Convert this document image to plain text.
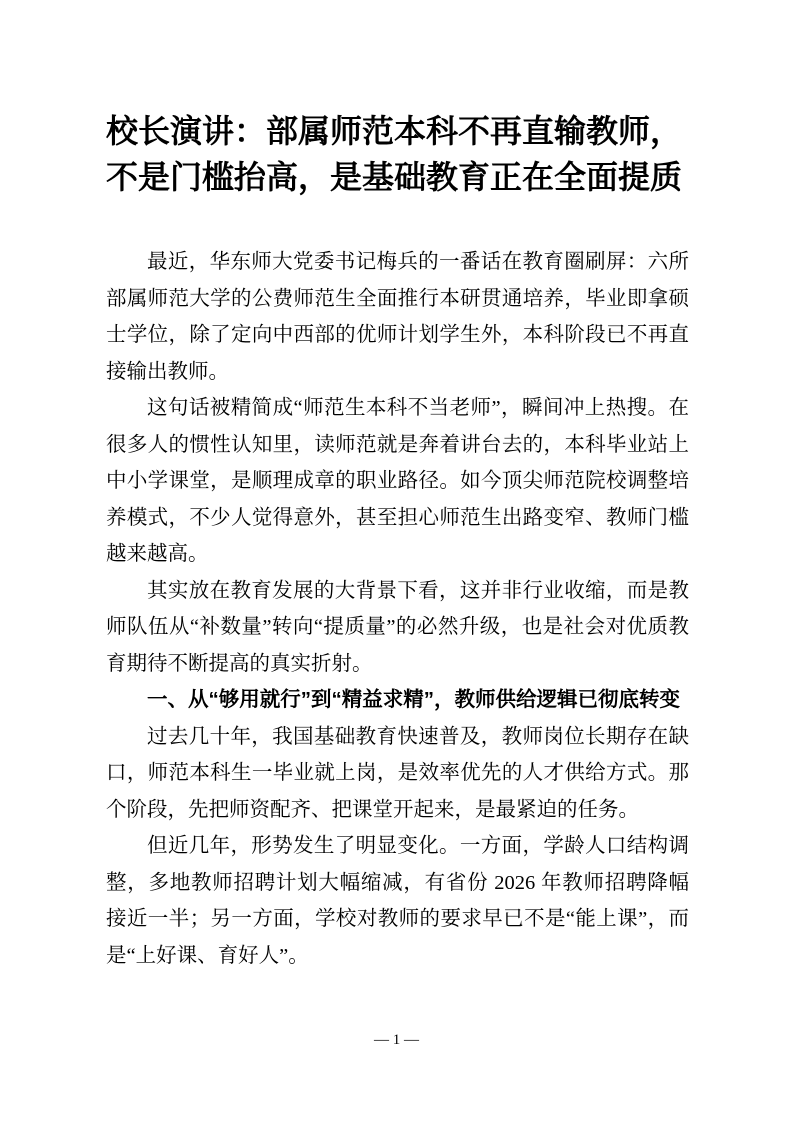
校长演讲：部属师范本科不再直输教师，
不是门槛抬高，是基础教育正在全面提质

最近，华东师大党委书记梅兵的一番话在教育圈刷屏：六所部属师范大学的公费师范生全面推行本研贯通培养，毕业即拿硕士学位，除了定向中西部的优师计划学生外，本科阶段已不再直接输出教师。

这句话被精简成“师范生本科不当老师”，瞬间冲上热搜。在很多人的惯性认知里，读师范就是奔着讲台去的，本科毕业站上中小学课堂，是顺理成章的职业路径。如今顶尖师范院校调整培养模式，不少人觉得意外，甚至担心师范生出路变窄、教师门槛越来越高。

其实放在教育发展的大背景下看，这并非行业收缩，而是教师队伍从“补数量”转向“提质量”的必然升级，也是社会对优质教育期待不断提高的真实折射。

一、从“够用就行”到“精益求精”，教师供给逻辑已彻底转变

过去几十年，我国基础教育快速普及，教师岗位长期存在缺口，师范本科生一毕业就上岗，是效率优先的人才供给方式。那个阶段，先把师资配齐、把课堂开起来，是最紧迫的任务。

但近几年，形势发生了明显变化。一方面，学龄人口结构调整，多地教师招聘计划大幅缩减，有省份 2026 年教师招聘降幅接近一半；另一方面，学校对教师的要求早已不是“能上课”，而是“上好课、育好人”。

— 1 —
